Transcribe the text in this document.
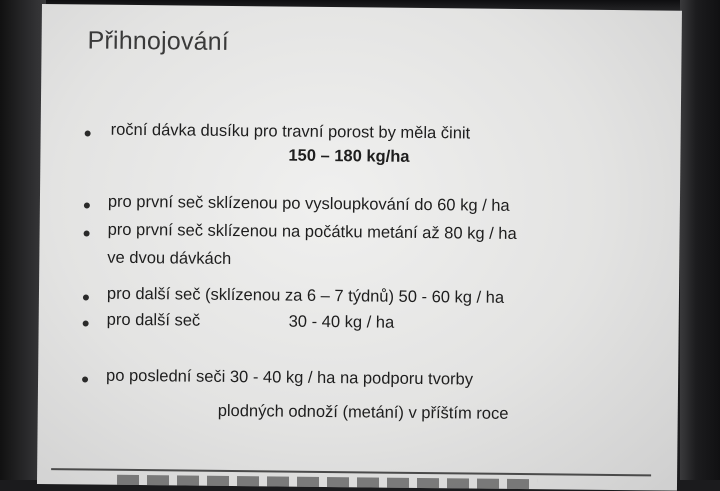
Přihnojování
roční dávka dusíku pro travní porost by měla činit
150 – 180 kg/ha
pro první seč sklízenou po vysloupkování do 60 kg / ha
pro první seč sklízenou na počátku metání až 80 kg / ha
ve dvou dávkách
pro další seč (sklízenou za 6 – 7 týdnů) 50 - 60 kg / ha
pro další seč	30 - 40 kg / ha
po poslední seči 30 - 40 kg / ha na podporu tvorby
plodných odnoží (metání) v příštím roce
